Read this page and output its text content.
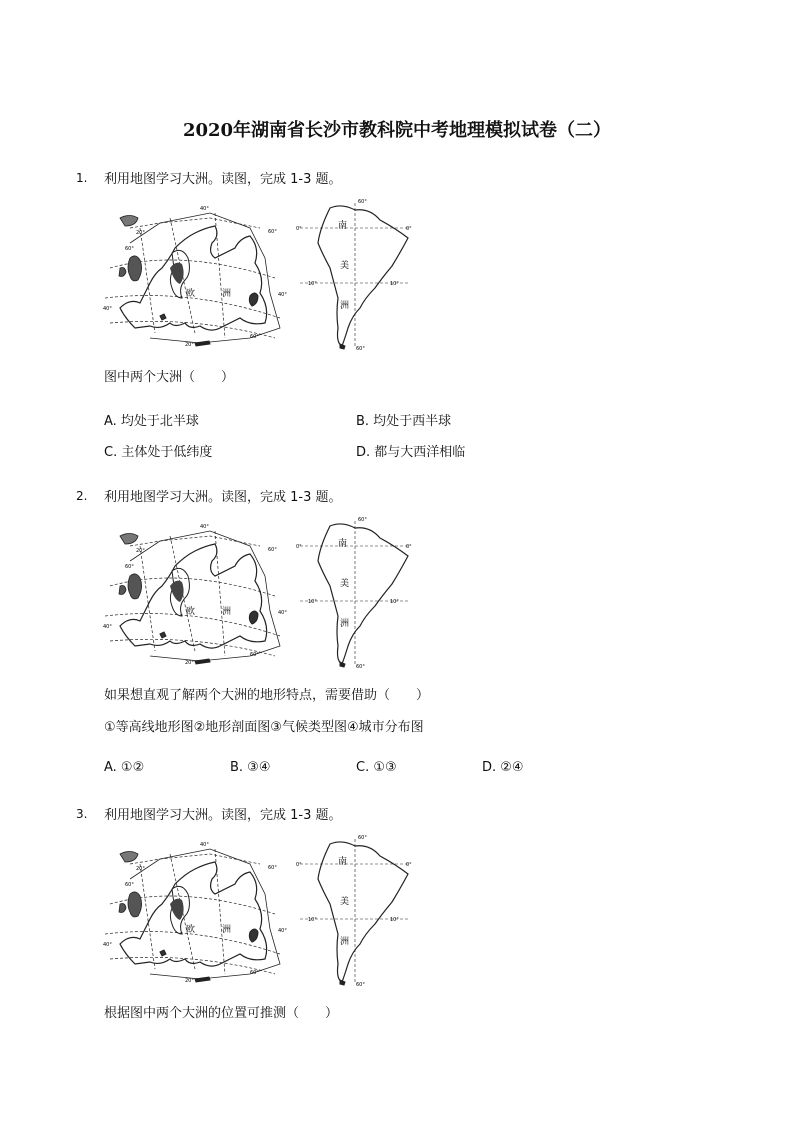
2020年湖南省长沙市教科院中考地理模拟试卷（二）
1. 利用地图学习大洲。读图，完成 1-3 题。
图中两个大洲（　　）
A. 均处于北半球	B. 均处于西半球
C. 主体处于低纬度	D. 都与大西洋相临
2. 利用地图学习大洲。读图，完成 1-3 题。
如果想直观了解两个大洲的地形特点，需要借助（　　）
①等高线地形图②地形剖面图③气候类型图④城市分布图
A. ①②	B. ③④	C. ①③	D. ②④
3. 利用地图学习大洲。读图，完成 1-3 题。
根据图中两个大洲的位置可推测（　　）
